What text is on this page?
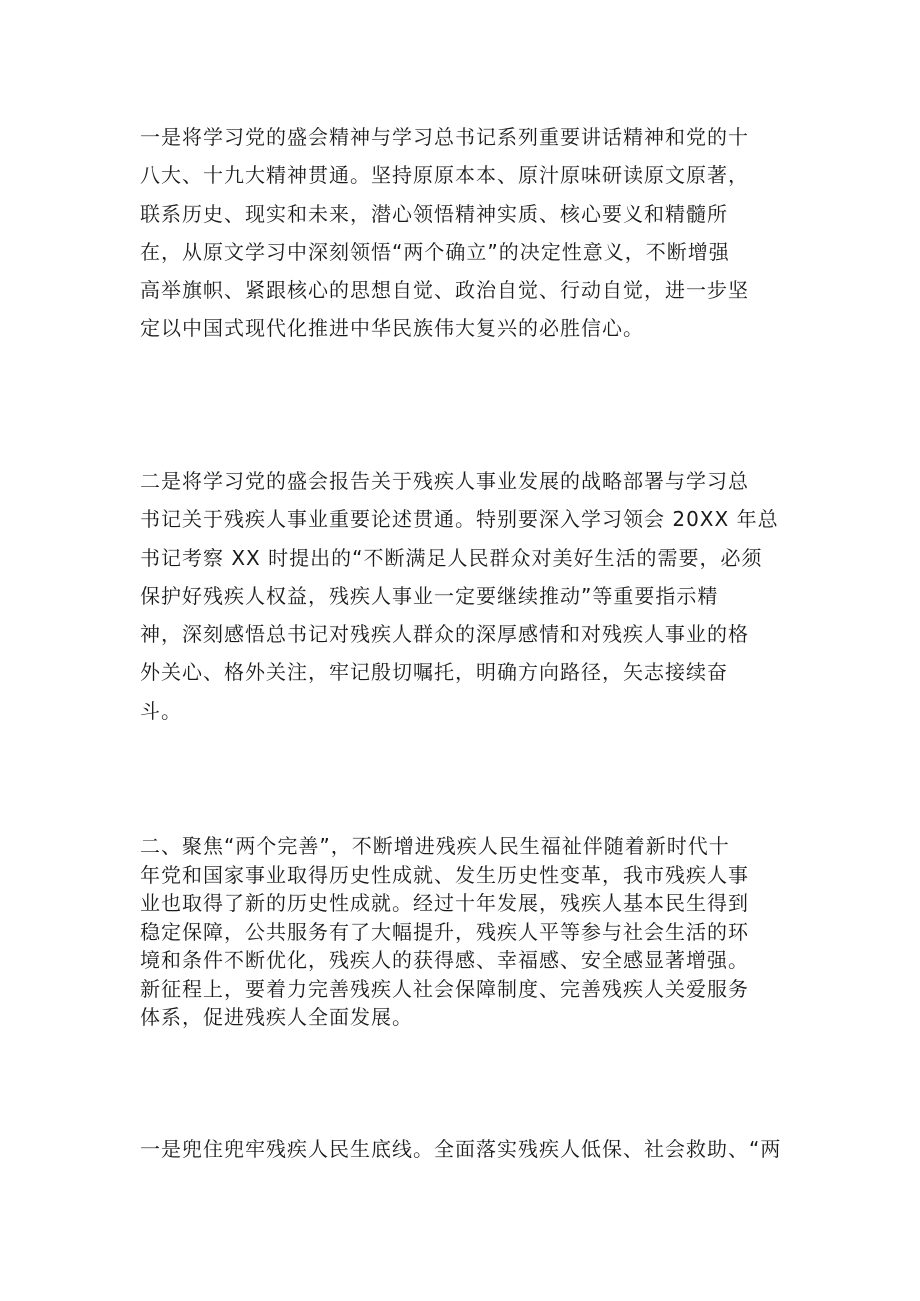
一是将学习党的盛会精神与学习总书记系列重要讲话精神和党的十
八大、十九大精神贯通。坚持原原本本、原汁原味研读原文原著，
联系历史、现实和未来，潜心领悟精神实质、核心要义和精髓所
在，从原文学习中深刻领悟“两个确立”的决定性意义，不断增强
高举旗帜、紧跟核心的思想自觉、政治自觉、行动自觉，进一步坚
定以中国式现代化推进中华民族伟大复兴的必胜信心。
二是将学习党的盛会报告关于残疾人事业发展的战略部署与学习总
书记关于残疾人事业重要论述贯通。特别要深入学习领会 20XX 年总
书记考察 XX 时提出的“不断满足人民群众对美好生活的需要，必须
保护好残疾人权益，残疾人事业一定要继续推动”等重要指示精
神，深刻感悟总书记对残疾人群众的深厚感情和对残疾人事业的格
外关心、格外关注，牢记殷切嘱托，明确方向路径，矢志接续奋
斗。
二、聚焦“两个完善”，不断增进残疾人民生福祉伴随着新时代十
年党和国家事业取得历史性成就、发生历史性变革，我市残疾人事
业也取得了新的历史性成就。经过十年发展，残疾人基本民生得到
稳定保障，公共服务有了大幅提升，残疾人平等参与社会生活的环
境和条件不断优化，残疾人的获得感、幸福感、安全感显著增强。
新征程上，要着力完善残疾人社会保障制度、完善残疾人关爱服务
体系，促进残疾人全面发展。
一是兜住兜牢残疾人民生底线。全面落实残疾人低保、社会救助、“两
